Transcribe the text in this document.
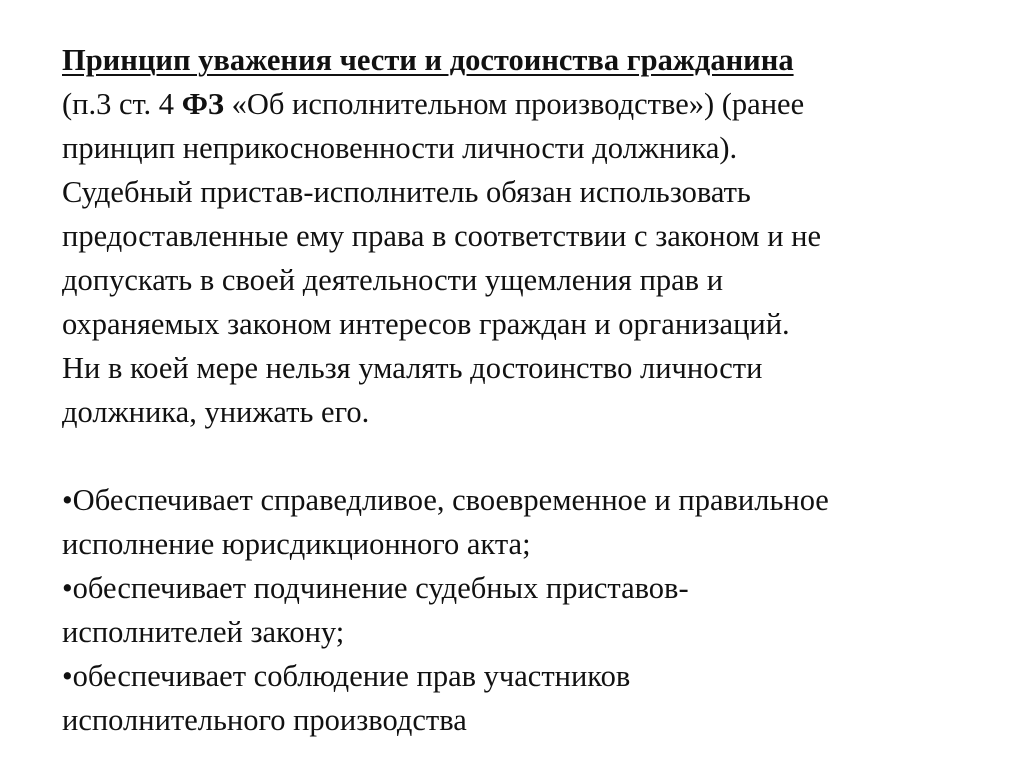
Принцип уважения чести и достоинства гражданина
(п.3 ст. 4 ФЗ «Об исполнительном производстве») (ранее
принцип неприкосновенности личности должника).
Судебный пристав-исполнитель обязан использовать
предоставленные ему права в соответствии с законом и не
допускать в своей деятельности ущемления прав и
охраняемых законом интересов граждан и организаций.
Ни в коей мере нельзя умалять достоинство личности
должника, унижать его.
•Обеспечивает справедливое, своевременное и правильное
исполнение юрисдикционного акта;
•обеспечивает подчинение судебных приставов-
исполнителей закону;
•обеспечивает соблюдение прав участников
исполнительного производства
